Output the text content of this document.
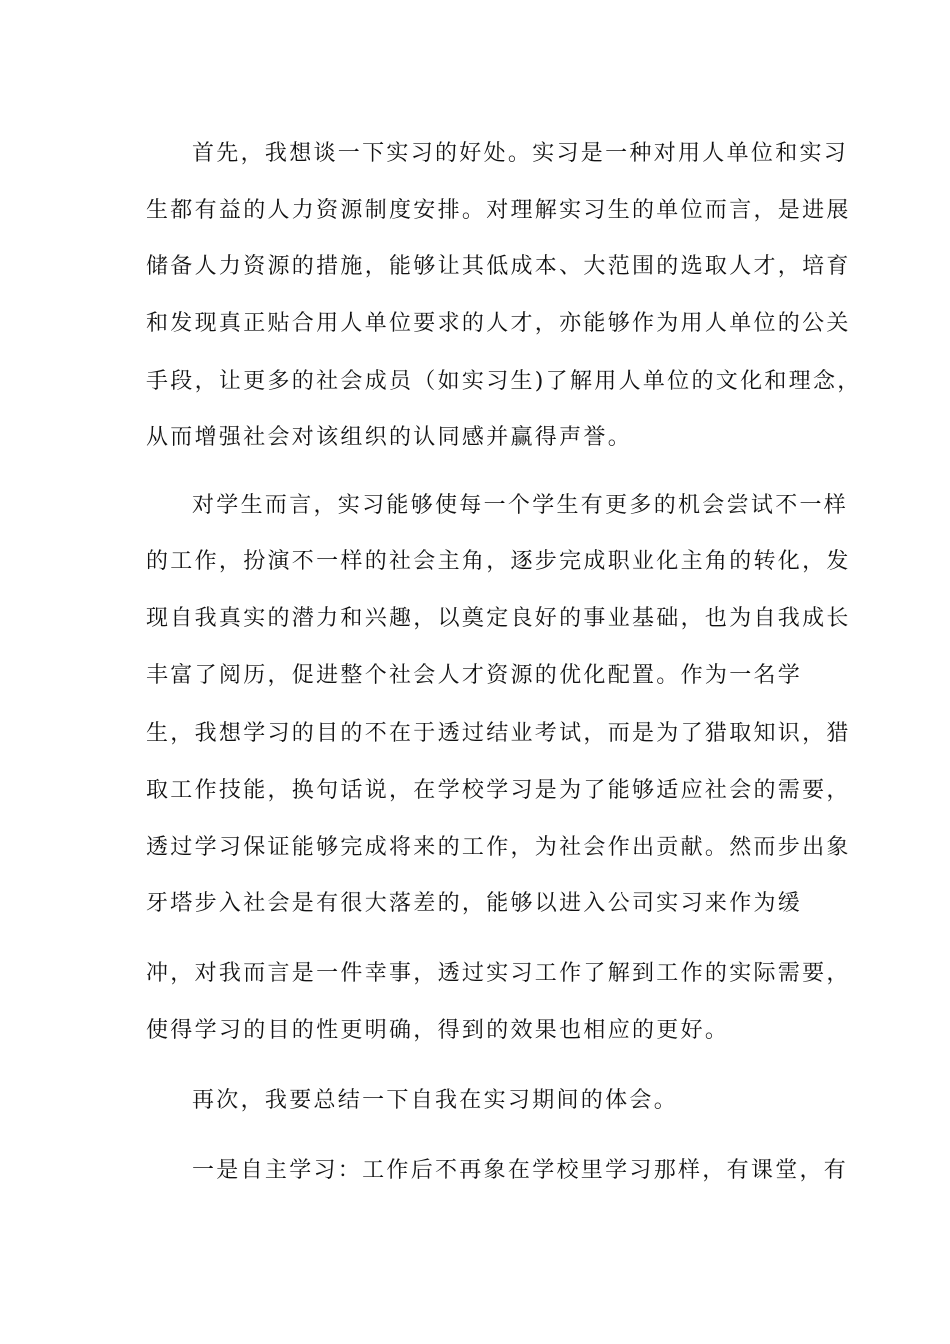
首先，我想谈一下实习的好处。实习是一种对用人单位和实习

生都有益的人力资源制度安排。对理解实习生的单位而言，是进展

储备人力资源的措施，能够让其低成本、大范围的选取人才，培育

和发现真正贴合用人单位要求的人才，亦能够作为用人单位的公关

手段，让更多的社会成员（如实习生)了解用人单位的文化和理念，

从而增强社会对该组织的认同感并赢得声誉。

对学生而言，实习能够使每一个学生有更多的机会尝试不一样

的工作，扮演不一样的社会主角，逐步完成职业化主角的转化，发

现自我真实的潜力和兴趣，以奠定良好的事业基础，也为自我成长

丰富了阅历，促进整个社会人才资源的优化配置。作为一名学

生，我想学习的目的不在于透过结业考试，而是为了猎取知识，猎

取工作技能，换句话说，在学校学习是为了能够适应社会的需要，

透过学习保证能够完成将来的工作，为社会作出贡献。然而步出象

牙塔步入社会是有很大落差的，能够以进入公司实习来作为缓

冲，对我而言是一件幸事，透过实习工作了解到工作的实际需要，

使得学习的目的性更明确，得到的效果也相应的更好。

再次，我要总结一下自我在实习期间的体会。

一是自主学习：工作后不再象在学校里学习那样，有课堂，有
